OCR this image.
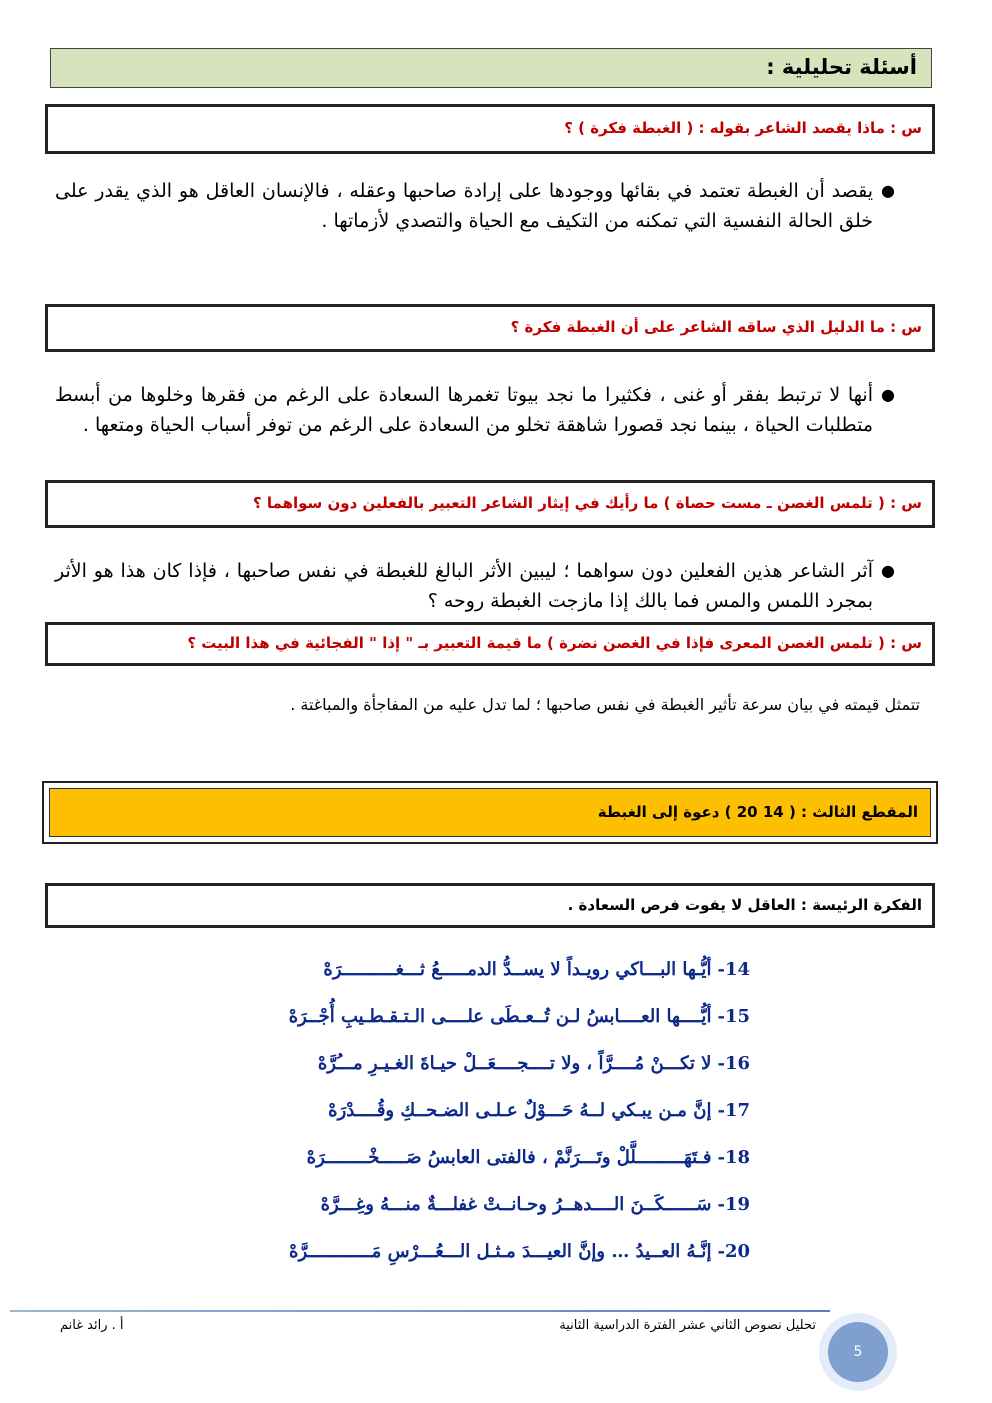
أسئلة تحليلية :
س : ماذا يقصد الشاعر بقوله : ( الغبطة فكرة ) ؟
●
يقصد أن الغبطة تعتمد في بقائها ووجودها على إرادة صاحبها وعقله ، فالإنسان العاقل هو الذي يقدر على خلق الحالة النفسية التي تمكنه من التكيف مع الحياة والتصدي لأزماتها .
س : ما الدليل الذي ساقه الشاعر على أن الغبطة فكرة ؟
●
أنها لا ترتبط بفقر أو غنى ، فكثيرا ما نجد بيوتا تغمرها السعادة على الرغم من فقرها وخلوها من أبسط متطلبات الحياة ، بينما نجد قصورا شاهقة تخلو من السعادة على الرغم من توفر أسباب الحياة ومتعها .
س : ( تلمس الغصن ـ مست حصاة ) ما رأيك في إيثار الشاعر التعبير بالفعلين دون سواهما ؟
●
آثر الشاعر هذين الفعلين دون سواهما ؛ ليبين الأثر البالغ للغبطة في نفس صاحبها ، فإذا كان هذا هو الأثر بمجرد اللمس والمس فما بالك إذا مازجت الغبطة روحه ؟
س : ( تلمس الغصن المعرى فإذا في الغصن نضرة ) ما قيمة التعبير بـ " إذا " الفجائية في هذا البيت ؟
تتمثل قيمته في بيان سرعة تأثير الغبطة في نفس صاحبها ؛ لما تدل عليه من المفاجأة والمباغتة .
المقطع الثالث : ( 14 20 ) دعوة إلى الغبطة
الفكرة الرئيسة : العاقل لا يفوت فرص السعادة .
14-أيُّـها البـــاكي رويـداً لا يســدُّ الدمـــــعُ ثـــغــــــــــرَهْ
15-أيُّــــها العــــابسُ لـن تُــعـطَى علــــى الـتـقـطـيبِ أُجْــرَهْ
16-لا تكـــنْ مُــــرَّاً ، ولا تــــجــــعَــلْ حيـاةَ الغـيـرِ مـــُرَّهْ
17-إنَّ مـن يبـكي لــهُ حَـــوْلٌ عـلـى الضـحــكِ وقُــــدْرَهْ
18-فـتَهَـــــــــلَّلْ وتَـــرَنَّمْ ، فالفتى العابسُ صَـــــخْــــــــرَهْ
19-سَــــــكَــنَ الــــدهــرُ وحـانــتْ غفلـــةٌ منـــهُ وغِـــرَّهْ
20-إنَّـهُ العــيدُ … وإنَّ العيـــدَ مـثـل الـــعُـــرْسِ مَــــــــــــرَّهْ
تحليل نصوص الثاني عشر الفترة الدراسية الثانية
أ . رائد غانم
5
